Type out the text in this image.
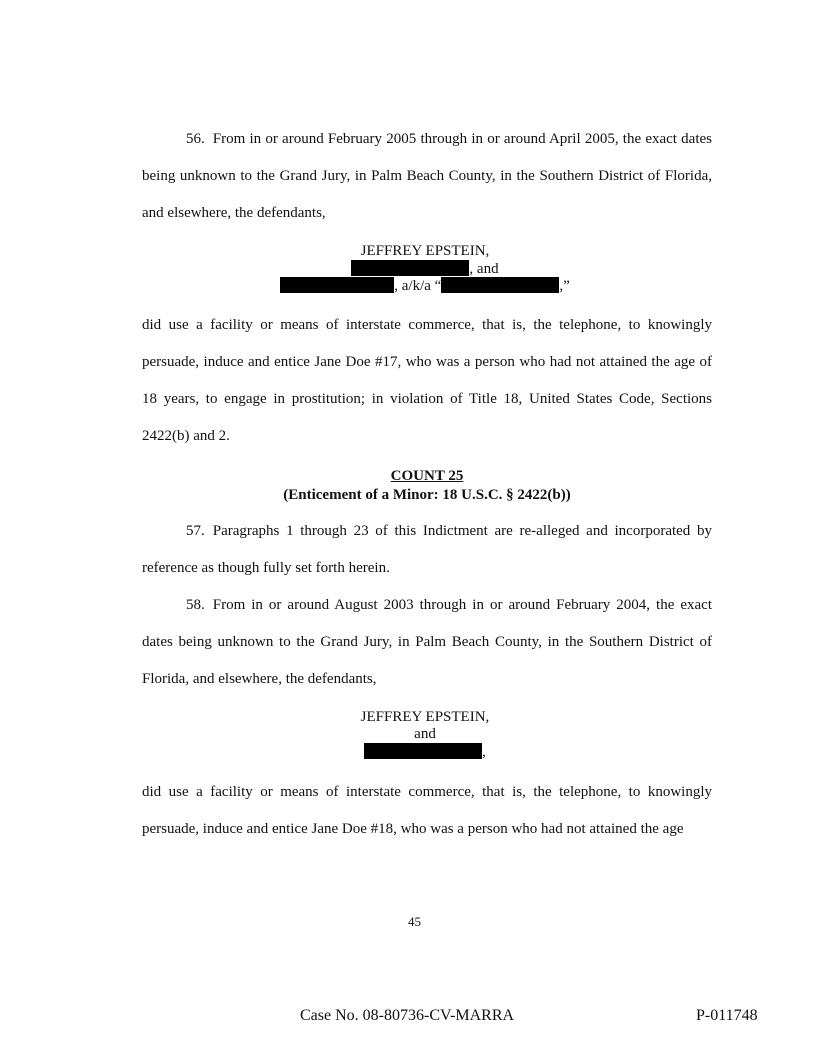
56. From in or around February 2005 through in or around April 2005, the exact dates being unknown to the Grand Jury, in Palm Beach County, in the Southern District of Florida, and elsewhere, the defendants,

JEFFREY EPSTEIN,
, and
, a/k/a “	,”

did use a facility or means of interstate commerce, that is, the telephone, to knowingly persuade, induce and entice Jane Doe #17, who was a person who had not attained the age of 18 years, to engage in prostitution; in violation of Title 18, United States Code, Sections 2422(b) and 2.

COUNT 25
(Enticement of a Minor: 18 U.S.C. § 2422(b))

57. Paragraphs 1 through 23 of this Indictment are re-alleged and incorporated by reference as though fully set forth herein.

58. From in or around August 2003 through in or around February 2004, the exact dates being unknown to the Grand Jury, in Palm Beach County, in the Southern District of Florida, and elsewhere, the defendants,

JEFFREY EPSTEIN,
and
,

did use a facility or means of interstate commerce, that is, the telephone, to knowingly persuade, induce and entice Jane Doe #18, who was a person who had not attained the age

45
Case No. 08-80736-CV-MARRA	P-011748
